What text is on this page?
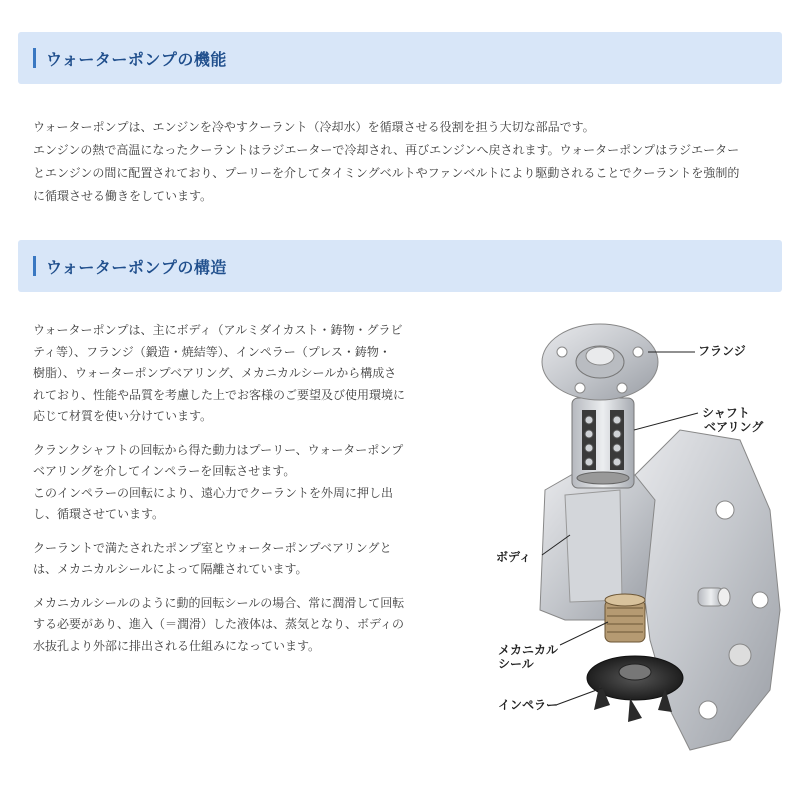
ウォーターポンプの機能

ウォーターポンプは、エンジンを冷やすクーラント（冷却水）を循環させる役割を担う大切な部品です。
エンジンの熱で高温になったクーラントはラジエーターで冷却され、再びエンジンへ戻されます。ウォーターポンプはラジエーター
とエンジンの間に配置されており、プーリーを介してタイミングベルトやファンベルトにより駆動されることでクーラントを強制的
に循環させる働きをしています。

ウォーターポンプの構造

ウォーターポンプは、主にボディ（アルミダイカスト・鋳物・グラビ
ティ等）、フランジ（鍛造・焼結等）、インペラー（プレス・鋳物・
樹脂）、ウォーターポンプベアリング、メカニカルシールから構成さ
れており、性能や品質を考慮した上でお客様のご要望及び使用環境に
応じて材質を使い分けています。

クランクシャフトの回転から得た動力はプーリー、ウォーターポンプ
ベアリングを介してインペラーを回転させます。
このインペラーの回転により、遠心力でクーラントを外周に押し出
し、循環させています。

クーラントで満たされたポンプ室とウォーターポンプベアリングと
は、メカニカルシールによって隔離されています。

メカニカルシールのように動的回転シールの場合、常に潤滑して回転
する必要があり、進入（＝潤滑）した液体は、蒸気となり、ボディの
水抜孔より外部に排出される仕組みになっています。

フランジ
シャフト
ベアリング
ボディ
メカニカル
シール
インペラー
